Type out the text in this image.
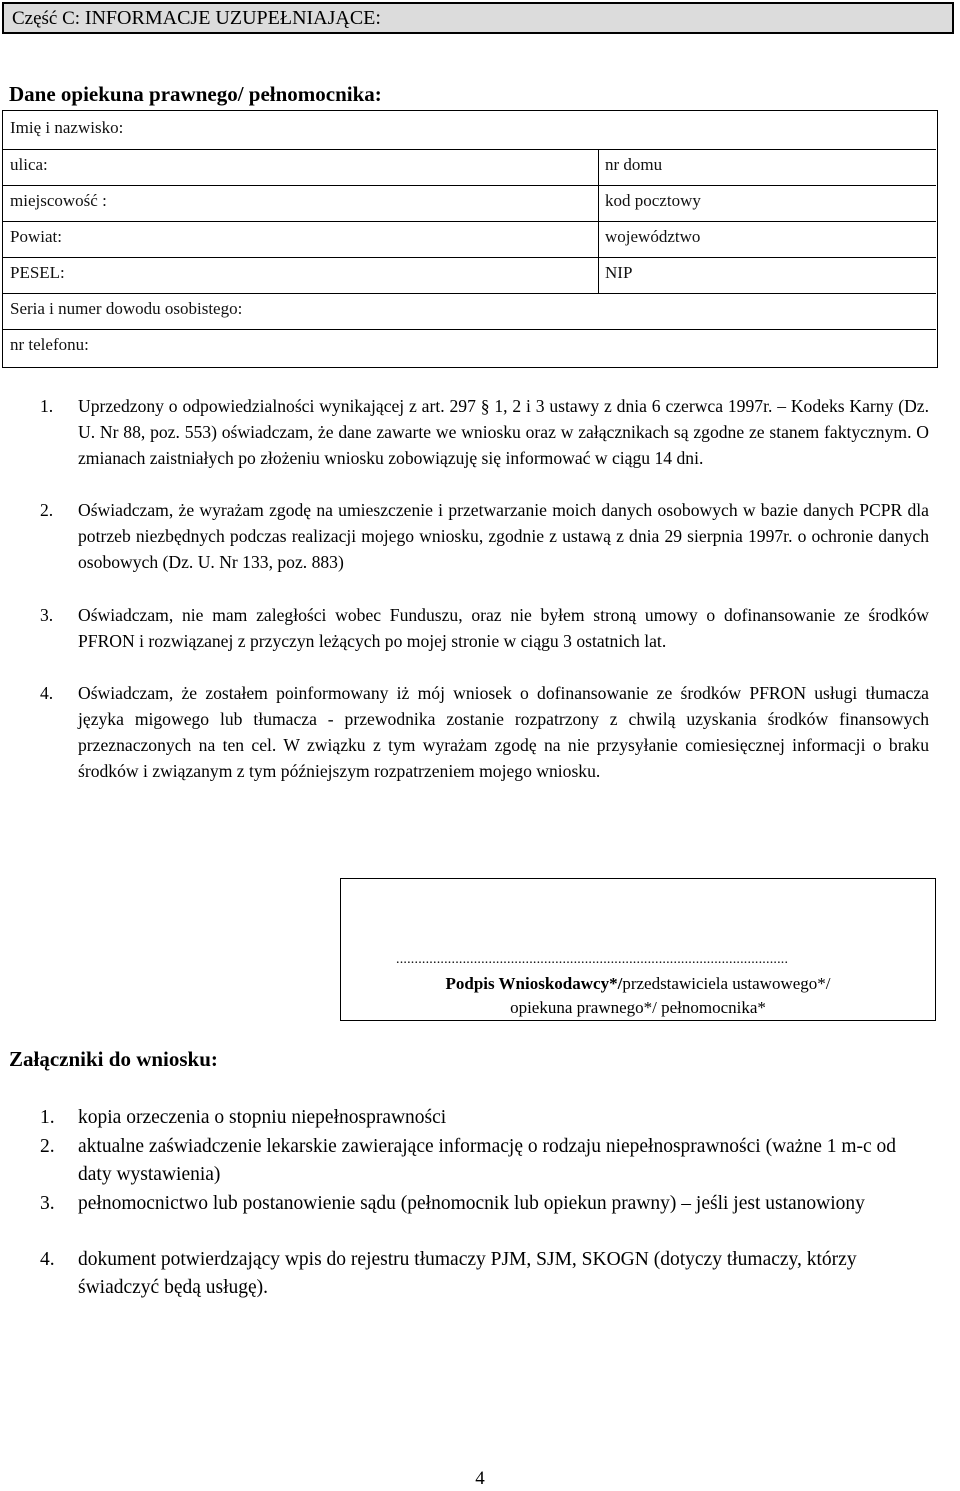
Część C: INFORMACJE UZUPEŁNIAJĄCE:
Dane opiekuna prawnego/ pełnomocnika:
Imię i nazwisko:
ulica:	nr domu
miejscowość :	kod pocztowy
Powiat:	województwo
PESEL:	NIP
Seria i numer dowodu osobistego:
nr telefonu:
1. Uprzedzony o odpowiedzialności wynikającej z art. 297 § 1, 2 i 3 ustawy z dnia 6 czerwca 1997r. – Kodeks Karny (Dz. U. Nr 88, poz. 553) oświadczam, że dane zawarte we wniosku oraz w załącznikach są zgodne ze stanem faktycznym. O zmianach zaistniałych po złożeniu wniosku zobowiązuję się informować w ciągu 14 dni.
2. Oświadczam, że wyrażam zgodę na umieszczenie i przetwarzanie moich danych osobowych w bazie danych PCPR dla potrzeb niezbędnych podczas realizacji mojego wniosku, zgodnie z ustawą z dnia 29 sierpnia 1997r. o ochronie danych osobowych (Dz. U. Nr 133, poz. 883)
3. Oświadczam, nie mam zaległości wobec Funduszu, oraz nie byłem stroną umowy o dofinansowanie ze środków PFRON i rozwiązanej z przyczyn leżących po mojej stronie w ciągu 3 ostatnich lat.
4. Oświadczam, że zostałem poinformowany iż mój wniosek o dofinansowanie ze środków PFRON usługi tłumacza języka migowego lub tłumacza - przewodnika zostanie rozpatrzony z chwilą uzyskania środków finansowych przeznaczonych na ten cel. W związku z tym wyrażam zgodę na nie przysyłanie comiesięcznej informacji o braku środków i związanym z tym późniejszym rozpatrzeniem mojego wniosku.
..........................................................................................................
Podpis Wnioskodawcy*/przedstawiciela ustawowego*/
opiekuna prawnego*/ pełnomocnika*
Załączniki do wniosku:
1. kopia orzeczenia o stopniu niepełnosprawności
2. aktualne zaświadczenie lekarskie zawierające informację o rodzaju niepełnosprawności (ważne 1 m-c od daty wystawienia)
3. pełnomocnictwo lub postanowienie sądu (pełnomocnik lub opiekun prawny) – jeśli jest ustanowiony
4. dokument potwierdzający wpis do rejestru tłumaczy PJM, SJM, SKOGN (dotyczy tłumaczy, którzy świadczyć będą usługę).
4
